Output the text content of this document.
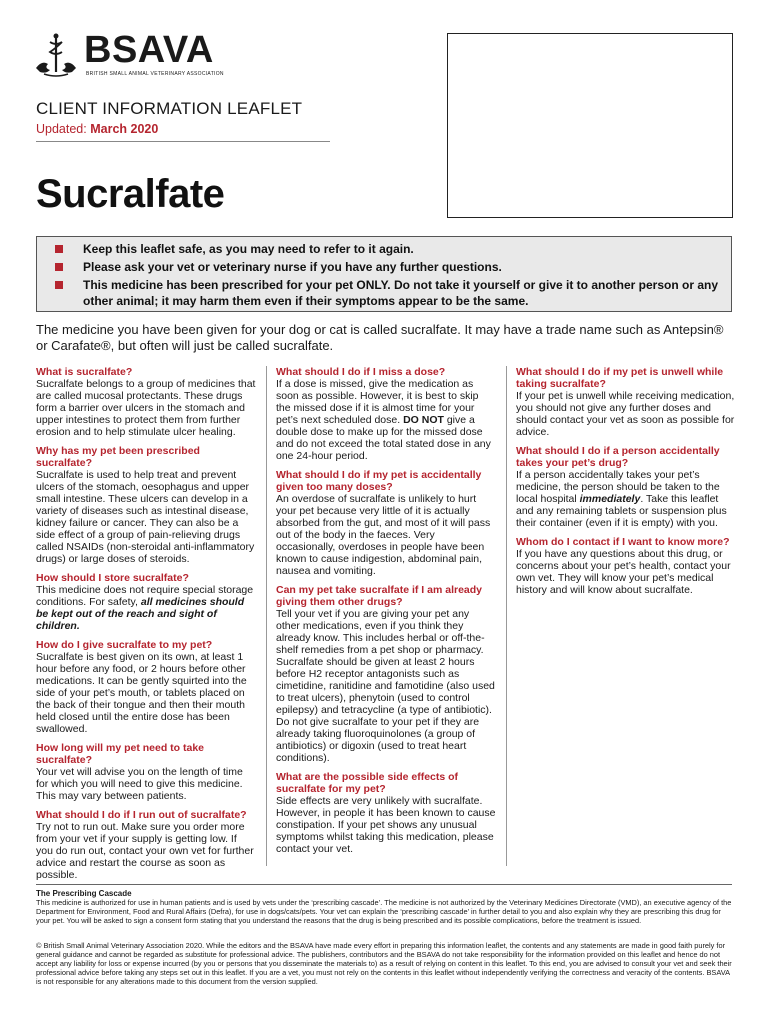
BSAVA
BRITISH SMALL ANIMAL VETERINARY ASSOCIATION
CLIENT INFORMATION LEAFLET
Updated: March 2020
Sucralfate
Keep this leaflet safe, as you may need to refer to it again.
Please ask your vet or veterinary nurse if you have any further questions.
This medicine has been prescribed for your pet ONLY. Do not take it yourself or give it to another person or any other animal; it may harm them even if their symptoms appear to be the same.
The medicine you have been given for your dog or cat is called sucralfate. It may have a trade name such as Antepsin® or Carafate®, but often will just be called sucralfate.
What is sucralfate?
Sucralfate belongs to a group of medicines that are called mucosal protectants. These drugs form a barrier over ulcers in the stomach and upper intestines to protect them from further erosion and to help stimulate ulcer healing.
Why has my pet been prescribed sucralfate?
Sucralfate is used to help treat and prevent ulcers of the stomach, oesophagus and upper small intestine. These ulcers can develop in a variety of diseases such as intestinal disease, kidney failure or cancer. They can also be a side effect of a group of pain-relieving drugs called NSAIDs (non-steroidal anti-inflammatory drugs) or large doses of steroids.
How should I store sucralfate?
This medicine does not require special storage conditions. For safety, all medicines should be kept out of the reach and sight of children.
How do I give sucralfate to my pet?
Sucralfate is best given on its own, at least 1 hour before any food, or 2 hours before other medications. It can be gently squirted into the side of your pet’s mouth, or tablets placed on the back of their tongue and then their mouth held closed until the entire dose has been swallowed.
How long will my pet need to take sucralfate?
Your vet will advise you on the length of time for which you will need to give this medicine. This may vary between patients.
What should I do if I run out of sucralfate?
Try not to run out. Make sure you order more from your vet if your supply is getting low. If you do run out, contact your own vet for further advice and restart the course as soon as possible.
What should I do if I miss a dose?
If a dose is missed, give the medication as soon as possible. However, it is best to skip the missed dose if it is almost time for your pet’s next scheduled dose. DO NOT give a double dose to make up for the missed dose and do not exceed the total stated dose in any one 24-hour period.
What should I do if my pet is accidentally given too many doses?
An overdose of sucralfate is unlikely to hurt your pet because very little of it is actually absorbed from the gut, and most of it will pass out of the body in the faeces. Very occasionally, overdoses in people have been known to cause indigestion, abdominal pain, nausea and vomiting.
Can my pet take sucralfate if I am already giving them other drugs?
Tell your vet if you are giving your pet any other medications, even if you think they already know. This includes herbal or off-the-shelf remedies from a pet shop or pharmacy. Sucralfate should be given at least 2 hours before H2 receptor antagonists such as cimetidine, ranitidine and famotidine (also used to treat ulcers), phenytoin (used to control epilepsy) and tetracycline (a type of antibiotic). Do not give sucralfate to your pet if they are already taking fluoroquinolones (a group of antibiotics) or digoxin (used to treat heart conditions).
What are the possible side effects of sucralfate for my pet?
Side effects are very unlikely with sucralfate. However, in people it has been known to cause constipation. If your pet shows any unusual symptoms whilst taking this medication, please contact your vet.
What should I do if my pet is unwell while taking sucralfate?
If your pet is unwell while receiving medication, you should not give any further doses and should contact your vet as soon as possible for advice.
What should I do if a person accidentally takes your pet’s drug?
If a person accidentally takes your pet’s medicine, the person should be taken to the local hospital immediately. Take this leaflet and any remaining tablets or suspension plus their container (even if it is empty) with you.
Whom do I contact if I want to know more?
If you have any questions about this drug, or concerns about your pet’s health, contact your own vet. They will know your pet’s medical history and will know about sucralfate.
The Prescribing Cascade
This medicine is authorized for use in human patients and is used by vets under the ‘prescribing cascade’. The medicine is not authorized by the Veterinary Medicines Directorate (VMD), an executive agency of the Department for Environment, Food and Rural Affairs (Defra), for use in dogs/cats/pets. Your vet can explain the ‘prescribing cascade’ in further detail to you and also explain why they are prescribing this drug for your pet. You will be asked to sign a consent form stating that you understand the reasons that the drug is being prescribed and its possible complications, before the treatment is issued.
© British Small Animal Veterinary Association 2020. While the editors and the BSAVA have made every effort in preparing this information leaflet, the contents and any statements are made in good faith purely for general guidance and cannot be regarded as substitute for professional advice. The publishers, contributors and the BSAVA do not take responsibility for the information provided on this leaflet and hence do not accept any liability for loss or expense incurred (by you or persons that you disseminate the materials to) as a result of relying on content in this leaflet. To this end, you are advised to consult your vet and seek their professional advice before taking any steps set out in this leaflet. If you are a vet, you must not rely on the contents in this leaflet without independently verifying the correctness and veracity of the contents. BSAVA is not responsible for any alterations made to this document from the version supplied.
